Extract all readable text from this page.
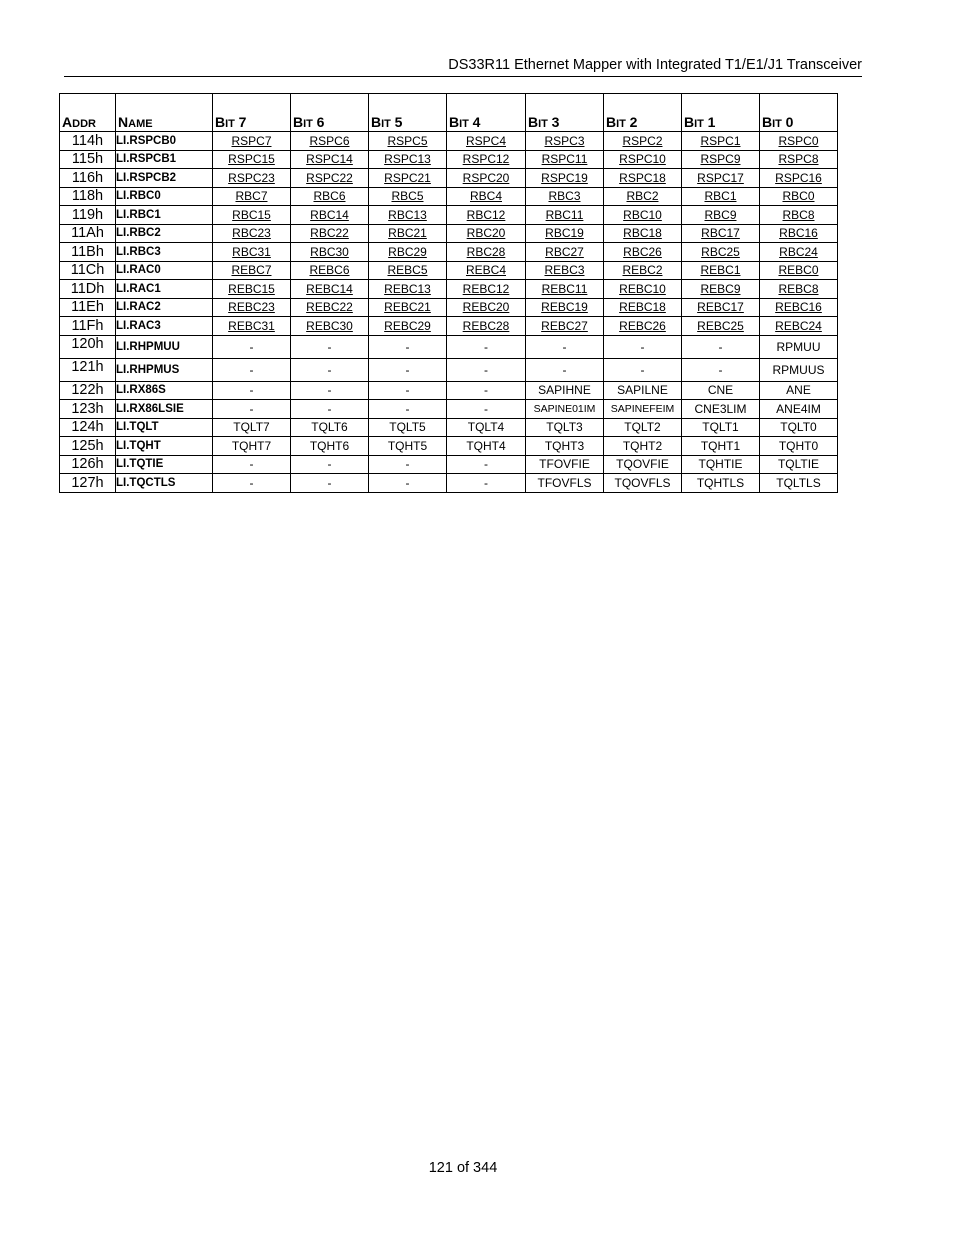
DS33R11 Ethernet Mapper with Integrated T1/E1/J1 Transceiver
ADDR	NAME	BIT 7	BIT 6	BIT 5	BIT 4	BIT 3	BIT 2	BIT 1	BIT 0
114h	LI.RSPCB0	RSPC7	RSPC6	RSPC5	RSPC4	RSPC3	RSPC2	RSPC1	RSPC0
115h	LI.RSPCB1	RSPC15	RSPC14	RSPC13	RSPC12	RSPC11	RSPC10	RSPC9	RSPC8
116h	LI.RSPCB2	RSPC23	RSPC22	RSPC21	RSPC20	RSPC19	RSPC18	RSPC17	RSPC16
118h	LI.RBC0	RBC7	RBC6	RBC5	RBC4	RBC3	RBC2	RBC1	RBC0
119h	LI.RBC1	RBC15	RBC14	RBC13	RBC12	RBC11	RBC10	RBC9	RBC8
11Ah	LI.RBC2	RBC23	RBC22	RBC21	RBC20	RBC19	RBC18	RBC17	RBC16
11Bh	LI.RBC3	RBC31	RBC30	RBC29	RBC28	RBC27	RBC26	RBC25	RBC24
11Ch	LI.RAC0	REBC7	REBC6	REBC5	REBC4	REBC3	REBC2	REBC1	REBC0
11Dh	LI.RAC1	REBC15	REBC14	REBC13	REBC12	REBC11	REBC10	REBC9	REBC8
11Eh	LI.RAC2	REBC23	REBC22	REBC21	REBC20	REBC19	REBC18	REBC17	REBC16
11Fh	LI.RAC3	REBC31	REBC30	REBC29	REBC28	REBC27	REBC26	REBC25	REBC24
120h	LI.RHPMUU	-	-	-	-	-	-	-	RPMUU
121h	LI.RHPMUS	-	-	-	-	-	-	-	RPMUUS
122h	LI.RX86S	-	-	-	-	SAPIHNE	SAPILNE	CNE	ANE
123h	LI.RX86LSIE	-	-	-	-	SAPINE01IM	SAPINEFEIM	CNE3LIM	ANE4IM
124h	LI.TQLT	TQLT7	TQLT6	TQLT5	TQLT4	TQLT3	TQLT2	TQLT1	TQLT0
125h	LI.TQHT	TQHT7	TQHT6	TQHT5	TQHT4	TQHT3	TQHT2	TQHT1	TQHT0
126h	LI.TQTIE	-	-	-	-	TFOVFIE	TQOVFIE	TQHTIE	TQLTIE
127h	LI.TQCTLS	-	-	-	-	TFOVFLS	TQOVFLS	TQHTLS	TQLTLS
121 of 344
